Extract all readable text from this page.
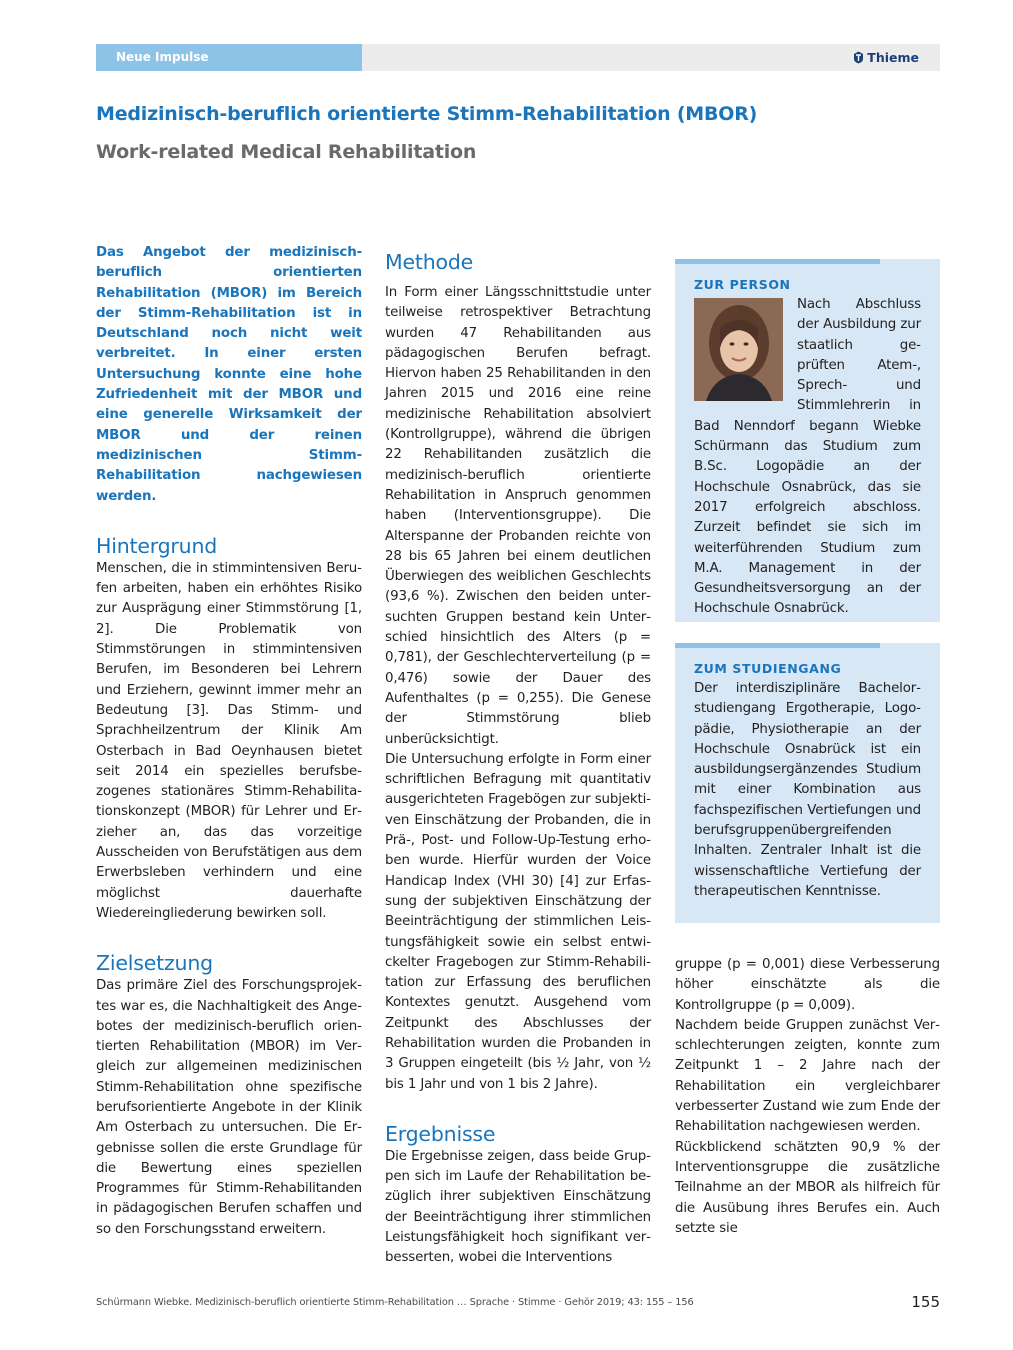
Neue Impulse	Thieme
Medizinisch-beruflich orientierte Stimm-Rehabilitation (MBOR)
Work-related Medical Rehabilitation

Das Angebot der medizinisch-beruflich orientierten Rehabilitation (MBOR) im Bereich der Stimm-Rehabilitation ist in Deutschland noch nicht weit verbreitet. In einer ersten Untersuchung konnte eine hohe Zufriedenheit mit der MBOR und eine generelle Wirksamkeit der MBOR und der reinen medizinischen Stimm-Rehabilitation nachgewiesen werden.

Hintergrund

Menschen, die in stimmintensiven Berufen arbeiten, haben ein erhöhtes Risiko zur Ausprägung einer Stimmstörung [1, 2]. Die Problematik von Stimmstörungen in stimmintensiven Berufen, im Besonderen bei Lehrern und Erziehern, gewinnt immer mehr an Bedeutung [3]. Das Stimm- und Sprachheilzentrum der Klinik Am Osterbach in Bad Oeynhausen bietet seit 2014 ein spezielles berufsbezogenes stationäres Stimm-Rehabilitationskonzept (MBOR) für Lehrer und Erzieher an, das das vorzeitige Ausscheiden von Berufstätigen aus dem Erwerbsleben verhindern und eine möglichst dauerhafte Wiedereingliederung bewirken soll.

Zielsetzung

Das primäre Ziel des Forschungsprojektes war es, die Nachhaltigkeit des Angebotes der medizinisch-beruflich orientierten Rehabilitation (MBOR) im Vergleich zur allgemeinen medizinischen Stimm-Rehabilitation ohne spezifische berufsorientierte Angebote in der Klinik Am Osterbach zu untersuchen. Die Ergebnisse sollen die erste Grundlage für die Bewertung eines speziellen Programmes für Stimm-Rehabilitanden in pädagogischen Berufen schaffen und so den Forschungsstand erweitern.

Methode

In Form einer Längsschnittstudie unter teilweise retrospektiver Betrachtung wurden 47 Rehabilitanden aus pädagogischen Berufen befragt. Hiervon haben 25 Rehabilitanden in den Jahren 2015 und 2016 eine reine medizinische Rehabilitation absolviert (Kontrollgruppe), während die übrigen 22 Rehabilitanden zusätzlich die medizinisch-beruflich orientierte Rehabilitation in Anspruch genommen haben (Interventionsgruppe). Die Alterspanne der Probanden reichte von 28 bis 65 Jahren bei einem deutlichen Überwiegen des weiblichen Geschlechts (93,6 %). Zwischen den beiden untersuchten Gruppen bestand kein Unterschied hinsichtlich des Alters (p = 0,781), der Geschlechterverteilung (p = 0,476) sowie der Dauer des Aufenthaltes (p = 0,255). Die Genese der Stimmstörung blieb unberücksichtigt.

Die Untersuchung erfolgte in Form einer schriftlichen Befragung mit quantitativ ausgerichteten Fragebögen zur subjektiven Einschätzung der Probanden, die in Prä-, Post- und Follow-Up-Testung erhoben wurde. Hierfür wurden der Voice Handicap Index (VHI 30) [4] zur Erfassung der subjektiven Einschätzung der Beeinträchtigung der stimmlichen Leistungsfähigkeit sowie ein selbst entwickelter Fragebogen zur Stimm-Rehabilitation zur Erfassung des beruflichen Kontextes genutzt. Ausgehend vom Zeitpunkt des Abschlusses der Rehabilitation wurden die Probanden in 3 Gruppen eingeteilt (bis ½ Jahr, von ½ bis 1 Jahr und von 1 bis 2 Jahre).

Ergebnisse

Die Ergebnisse zeigen, dass beide Gruppen sich im Laufe der Rehabilitation bezüglich ihrer subjektiven Einschätzung der Beeinträchtigung ihrer stimmlichen Leistungsfähigkeit hoch signifikant verbesserten, wobei die Interventions

ZUR PERSON
Nach Abschluss der Ausbildung zur staatlich geprüften Atem-, Sprech- und Stimmlehrerin in Bad Nenndorf begann Wiebke Schürmann das Studium zum B.Sc. Logopädie an der Hochschule Osnabrück, das sie 2017 erfolgreich abschloss. Zurzeit befindet sie sich im weiterführenden Studium zum M.A. Management in der Gesundheitsversorgung an der Hochschule Osnabrück.
ZUM STUDIENGANG

Der interdisziplinäre Bachelorstudiengang Ergotherapie, Logopädie, Physiotherapie an der Hochschule Osnabrück ist ein ausbildungsergänzendes Studium mit einer Kombination aus fachspezifischen Vertiefungen und berufsgruppenübergreifenden Inhalten. Zentraler Inhalt ist die wissenschaftliche Vertiefung der therapeutischen Kenntnisse.

gruppe (p = 0,001) diese Verbesserung höher einschätzte als die Kontrollgruppe (p = 0,009).

Nachdem beide Gruppen zunächst Verschlechterungen zeigten, konnte zum Zeitpunkt 1 – 2 Jahre nach der Rehabilitation ein vergleichbarer verbesserter Zustand wie zum Ende der Rehabilitation nachgewiesen werden.

Rückblickend schätzten 90,9 % der Interventionsgruppe die zusätzliche Teilnahme an der MBOR als hilfreich für die Ausübung ihres Berufes ein. Auch setzte sie

Schürmann Wiebke. Medizinisch-beruflich orientierte Stimm-Rehabilitation … Sprache · Stimme · Gehör 2019; 43: 155 – 156	155
